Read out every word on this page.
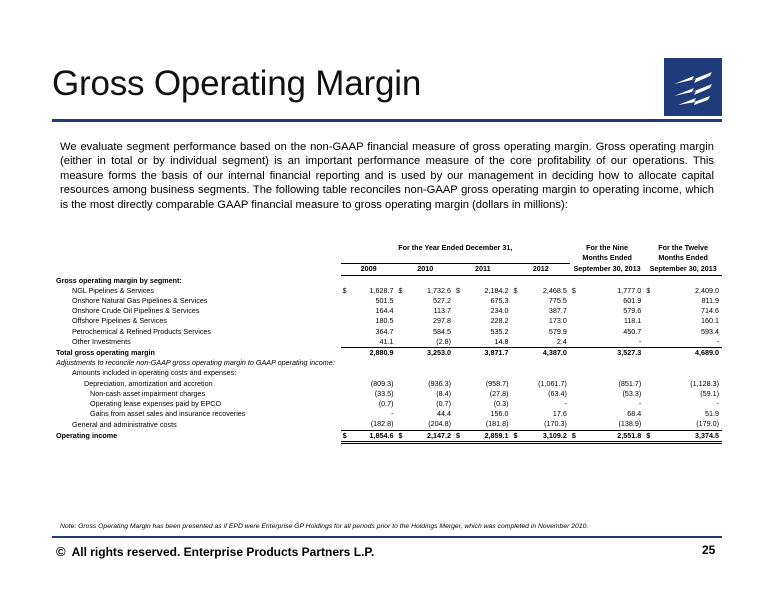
Gross Operating Margin

We evaluate segment performance based on the non-GAAP financial measure of gross operating margin. Gross operating margin (either in total or by individual segment) is an important performance measure of the core profitability of our operations. This measure forms the basis of our internal financial reporting and is used by our management in deciding how to allocate capital resources among business segments. The following table reconciles non-GAAP gross operating margin to operating income, which is the most directly comparable GAAP financial measure to gross operating margin (dollars in millions):

	For the Year Ended December 31,								For the Nine		For the Twelve	

									Months Ended		Months Ended	
	2009		2010		2011		2012		September 30, 2013		September 30, 2013	
Gross operating margin by segment:												
NGL Pipelines & Services	$	1,628.7	$	1,732.6	$	2,184.2	$	2,468.5	$	1,777.0	$	2,409.0
Onshore Natural Gas Pipelines & Services		501.5		527.2		675.3		775.5		601.9		811.9
Onshore Crude Oil Pipelines & Services		164.4		113.7		234.0		387.7		579.6		714.6
Offshore Pipelines & Services		180.5		297.8		228.2		173.0		118.1		160.1
Petrochemical & Refined Products Services		364.7		584.5		535.2		579.9		450.7		593.4
Other Investments		41.1		(2.8)		14.8		2.4		-		-
Total gross operating margin		2,880.9		3,253.0		3,871.7		4,387.0		3,527.3		4,689.0
Adjustments to reconcile non-GAAP gross operating margin to GAAP operating income:												
Amounts included in operating costs and expenses:												
Depreciation, amortization and accretion		(809.3)		(936.3)		(958.7)		(1,061.7)		(851.7)		(1,128.3)
Non-cash asset impairment charges		(33.5)		(8.4)		(27.8)		(63.4)		(53.3)		(59.1)
Operating lease expenses paid by EPCO		(0.7)		(0.7)		(0.3)		-		-		-
Gains from asset sales and insurance recoveries		-		44.4		156.0		17.6		68.4		51.9
General and administrative costs		(182.8)		(204.8)		(181.8)		(170.3)		(138.9)		(179.0)
Operating income	$	1,854.6	$	2,147.2	$	2,859.1	$	3,109.2	$	2,551.8	$	3,374.5
Note: Gross Operating Margin has been presented as if EPD were Enterprise GP Holdings for all periods prior to the Holdings Merger, which was completed in November 2010.
© All rights reserved. Enterprise Products Partners L.P.	25
